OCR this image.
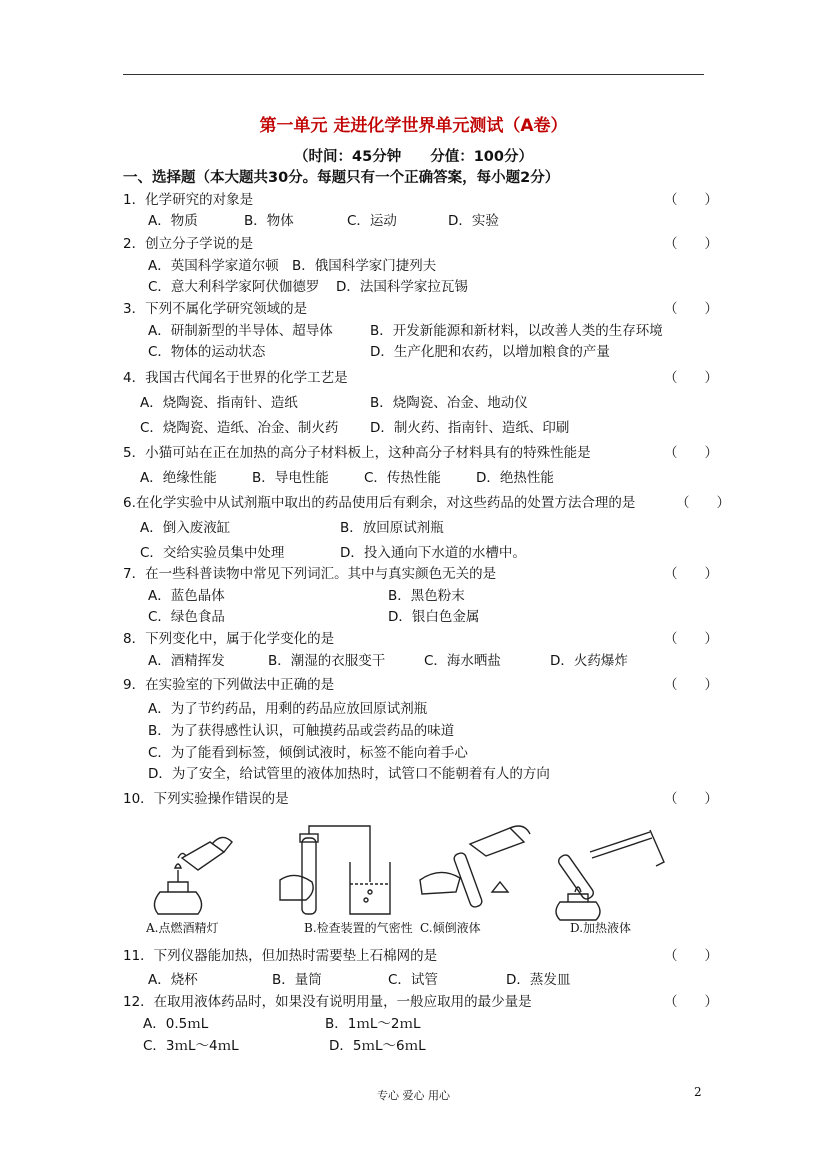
第一单元 走进化学世界单元测试（A卷）
（时间：45分钟　　分值：100分）
一、选择题（本大题共30分。每题只有一个正确答案，每小题2分）
1．化学研究的对象是	（　　）
A．物质	B．物体	C．运动	D．实验
2．创立分子学说的是	（　　）
A．英国科学家道尔顿 B．俄国科学家门捷列夫
C．意大利科学家阿伏伽德罗 D．法国科学家拉瓦锡
3．下列不属化学研究领域的是	（　　）
A．研制新型的半导体、超导体	B．开发新能源和新材料，以改善人类的生存环境
C．物体的运动状态	D．生产化肥和农药，以增加粮食的产量
4．我国古代闻名于世界的化学工艺是	（　　）
A．烧陶瓷、指南针、造纸	B．烧陶瓷、冶金、地动仪
C．烧陶瓷、造纸、冶金、制火药 D．制火药、指南针、造纸、印刷
5．小猫可站在正在加热的高分子材料板上，这种高分子材料具有的特殊性能是	（　　）
A．绝缘性能	B．导电性能	C．传热性能	D．绝热性能
6.在化学实验中从试剂瓶中取出的药品使用后有剩余，对这些药品的处置方法合理的是	（　　）
A．倒入废液缸	B．放回原试剂瓶
C．交给实验员集中处理	D．投入通向下水道的水槽中。
7．在一些科普读物中常见下列词汇。其中与真实颜色无关的是	（　　）
A．蓝色晶体	B．黑色粉末
C．绿色食品	D．银白色金属
8．下列变化中，属于化学变化的是	（　　）
A．酒精挥发	B．潮湿的衣服变干	C．海水晒盐	D．火药爆炸
9．在实验室的下列做法中正确的是	（　　）
A．为了节约药品，用剩的药品应放回原试剂瓶
B．为了获得感性认识，可触摸药品或尝药品的味道
C．为了能看到标签，倾倒试液时，标签不能向着手心
D．为了安全，给试管里的液体加热时，试管口不能朝着有人的方向
10．下列实验操作错误的是	（　　）
A.点燃酒精灯	B.检查装置的气密性 C.倾倒液体	D.加热液体
11．下列仪器能加热，但加热时需要垫上石棉网的是	（　　）
A．烧杯	B．量筒	C．试管	D．蒸发皿
12．在取用液体药品时，如果没有说明用量，一般应取用的最少量是	（　　）
A．0.5ｍL	B．1ｍL～2ｍL
C．3ｍL～4ｍL	D．5ｍL～6ｍL
专心 爱心 用心	2
